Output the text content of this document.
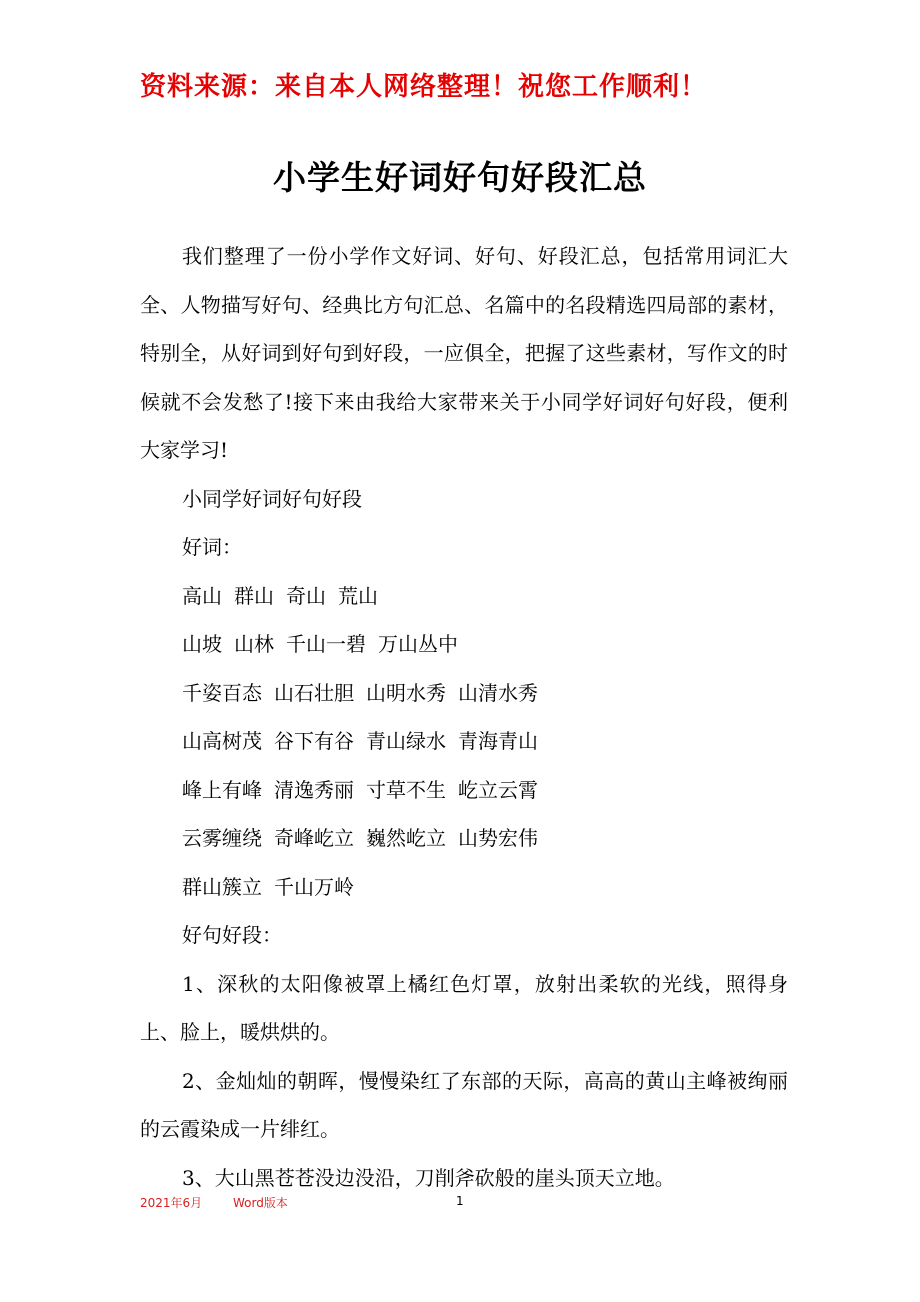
资料来源：来自本人网络整理！祝您工作顺利！
小学生好词好句好段汇总

我们整理了一份小学作文好词、好句、好段汇总，包括常用词汇大全、人物描写好句、经典比方句汇总、名篇中的名段精选四局部的素材，特别全，从好词到好句到好段，一应俱全，把握了这些素材，写作文的时候就不会发愁了!接下来由我给大家带来关于小同学好词好句好段，便利大家学习!

小同学好词好句好段

好词：

高山 群山 奇山 荒山
山坡 山林 千山一碧 万山丛中
千姿百态 山石壮胆 山明水秀 山清水秀
山高树茂 谷下有谷 青山绿水 青海青山
峰上有峰 清逸秀丽 寸草不生 屹立云霄
云雾缠绕 奇峰屹立 巍然屹立 山势宏伟
群山簇立 千山万岭

好句好段：

1、深秋的太阳像被罩上橘红色灯罩，放射出柔软的光线，照得身上、脸上，暖烘烘的。

2、金灿灿的朝晖，慢慢染红了东部的天际，高高的黄山主峰被绚丽的云霞染成一片绯红。

3、大山黑苍苍没边没沿，刀削斧砍般的崖头顶天立地。

2021年6月	Word版本	1
